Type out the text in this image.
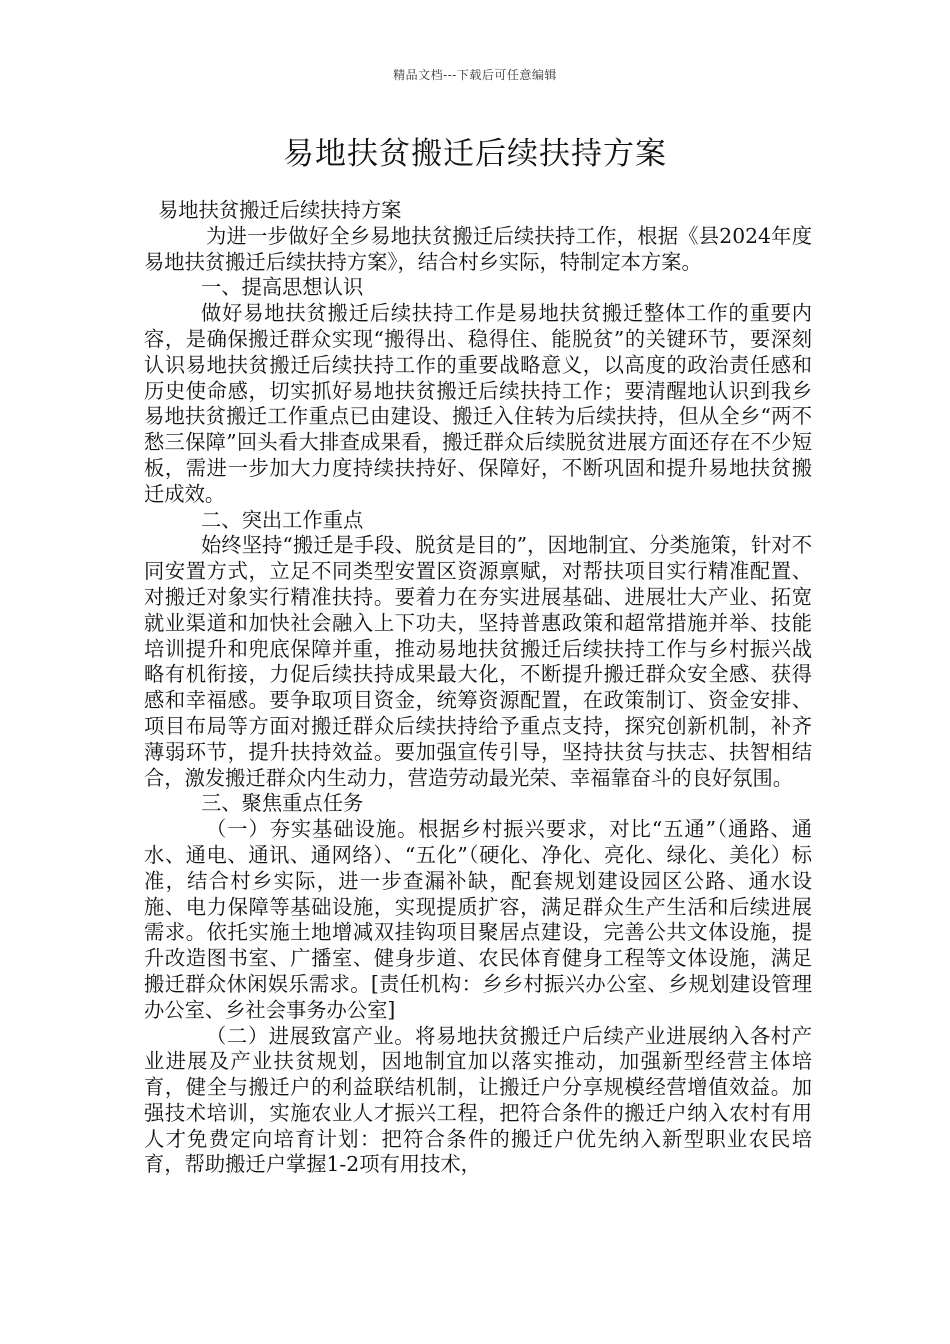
精品文档---下载后可任意编辑
易地扶贫搬迁后续扶持方案

易地扶贫搬迁后续扶持方案

为进一步做好全乡易地扶贫搬迁后续扶持工作，根据《县2024年度易地扶贫搬迁后续扶持方案》，结合村乡实际，特制定本方案。

一、提高思想认识

做好易地扶贫搬迁后续扶持工作是易地扶贫搬迁整体工作的重要内容，是确保搬迁群众实现“搬得出、稳得住、能脱贫”的关键环节，要深刻认识易地扶贫搬迁后续扶持工作的重要战略意义，以高度的政治责任感和历史使命感，切实抓好易地扶贫搬迁后续扶持工作；要清醒地认识到我乡易地扶贫搬迁工作重点已由建设、搬迁入住转为后续扶持，但从全乡“两不愁三保障”回头看大排查成果看，搬迁群众后续脱贫进展方面还存在不少短板，需进一步加大力度持续扶持好、保障好，不断巩固和提升易地扶贫搬迁成效。

二、突出工作重点

始终坚持“搬迁是手段、脱贫是目的”，因地制宜、分类施策，针对不同安置方式，立足不同类型安置区资源禀赋，对帮扶项目实行精准配置、对搬迁对象实行精准扶持。要着力在夯实进展基础、进展壮大产业、拓宽就业渠道和加快社会融入上下功夫，坚持普惠政策和超常措施并举、技能培训提升和兜底保障并重，推动易地扶贫搬迁后续扶持工作与乡村振兴战略有机衔接，力促后续扶持成果最大化，不断提升搬迁群众安全感、获得感和幸福感。要争取项目资金，统筹资源配置，在政策制订、资金安排、项目布局等方面对搬迁群众后续扶持给予重点支持，探究创新机制，补齐薄弱环节，提升扶持效益。要加强宣传引导，坚持扶贫与扶志、扶智相结合，激发搬迁群众内生动力，营造劳动最光荣、幸福靠奋斗的良好氛围。

三、聚焦重点任务

（一）夯实基础设施。根据乡村振兴要求，对比“五通”（通路、通水、通电、通讯、通网络）、“五化”（硬化、净化、亮化、绿化、美化）标准，结合村乡实际，进一步查漏补缺，配套规划建设园区公路、通水设施、电力保障等基础设施，实现提质扩容，满足群众生产生活和后续进展需求。依托实施土地增减双挂钩项目聚居点建设，完善公共文体设施，提升改造图书室、广播室、健身步道、农民体育健身工程等文体设施，满足搬迁群众休闲娱乐需求。[责任机构：乡乡村振兴办公室、乡规划建设管理办公室、乡社会事务办公室]

（二）进展致富产业。将易地扶贫搬迁户后续产业进展纳入各村产业进展及产业扶贫规划，因地制宜加以落实推动，加强新型经营主体培育，健全与搬迁户的利益联结机制，让搬迁户分享规模经营增值效益。加强技术培训，实施农业人才振兴工程，把符合条件的搬迁户纳入农村有用人才免费定向培育计划：把符合条件的搬迁户优先纳入新型职业农民培育，帮助搬迁户掌握1-2项有用技术，
